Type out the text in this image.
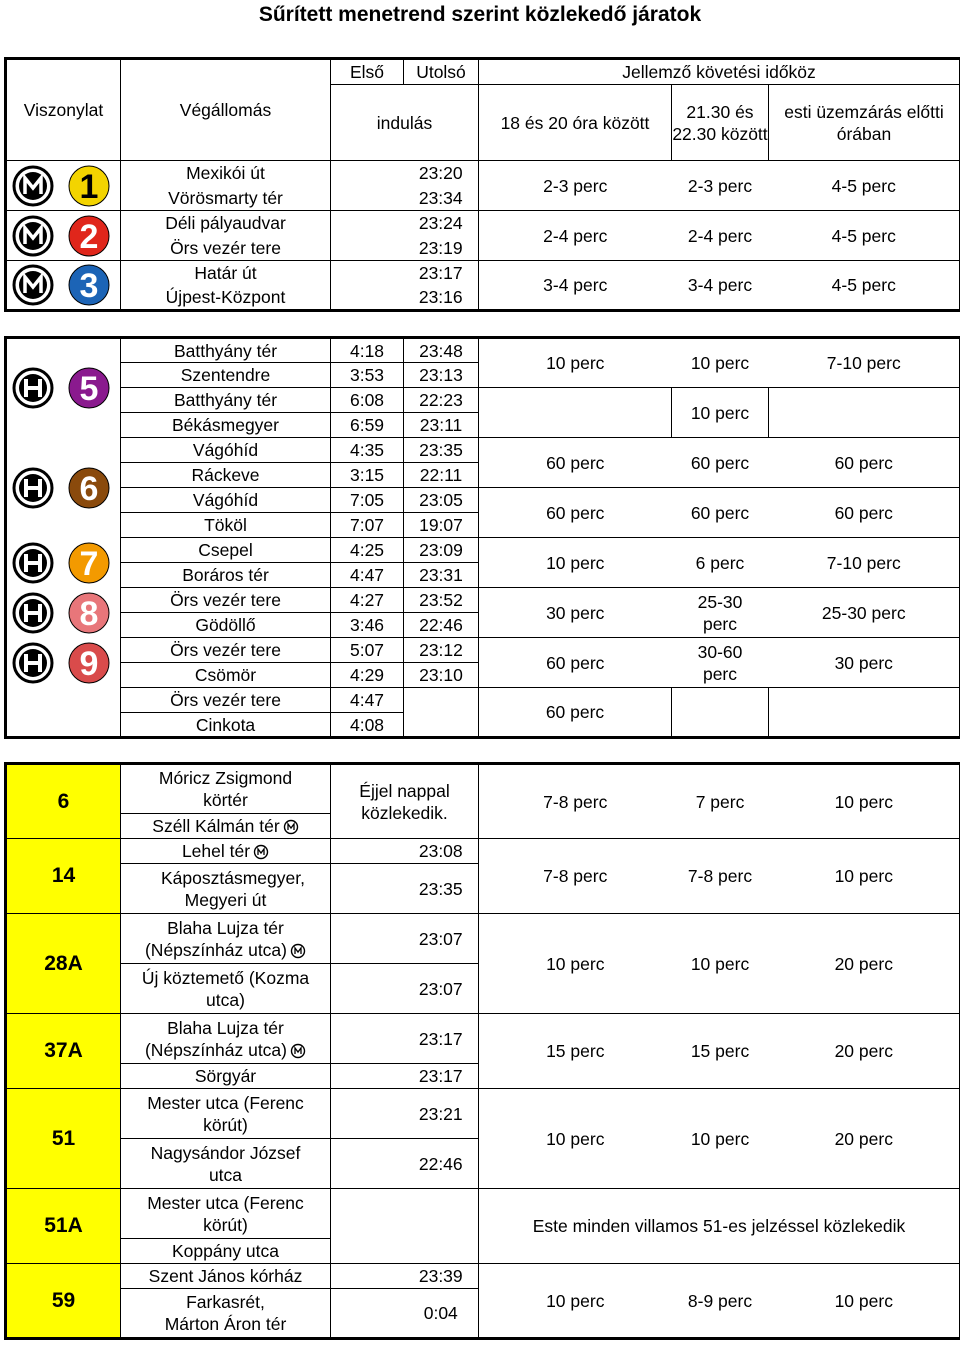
Sűrített menetrend szerint közlekedő járatok
Viszonylat	Végállomás	Első	Utolsó	Jellemző követési időköz		
		indulás		18 és 20 óra között	21.30 és 22.30 között	esti üzemzárás előtti órában

1	Mexikói út		23:20	2-3 perc	2-3 perc	4-5 perc
	Vörösmarty tér		23:34			

2	Déli pályaudvar		23:24	2-4 perc	2-4 perc	4-5 perc
	Örs vezér tere		23:19			

3	Határ út		23:17	3-4 perc	3-4 perc	4-5 perc
	Újpest-Központ		23:16			
5	Batthyány tér	4:18	23:48	10 perc	10 perc	7-10 perc
	Szentendre	3:53	23:13			
	Batthyány tér	6:08	22:23		10 perc	
	Békásmegyer	6:59	23:11			

6	Vágóhíd	4:35	23:35	60 perc	60 perc	60 perc
	Ráckeve	3:15	22:11			
	Vágóhíd	7:05	23:05	60 perc	60 perc	60 perc
	Tököl	7:07	19:07			

7	Csepel	4:25	23:09	10 perc	6 perc	7-10 perc
	Boráros tér	4:47	23:31			

8	Örs vezér tere	4:27	23:52	30 perc	25-30 perc	25-30 perc
	Gödöllő	3:46	22:46			

9	Örs vezér tere	5:07	23:12	60 perc	30-60 perc	30 perc
	Csömör	4:29	23:10			
	Örs vezér tere	4:47		60 perc		
	Cinkota	4:08				
6	Móricz Zsigmond körtér	Éjjel nappal közlekedik.		7-8 perc	7 perc	10 perc

	Széll Kálmán tér					
14	Lehel tér		23:08	7-8 perc	7-8 perc	10 perc
	Káposztásmegyer, Megyeri út		23:35			

28A	Blaha Lujza tér (Népszínház utca)		23:07	10 perc	10 perc	20 perc

	Új köztemető (Kozma utca)		23:07			

37A	Blaha Lujza tér (Népszínház utca)		23:17	15 perc	15 perc	20 perc

	Sörgyár		23:17			
51	Mester utca (Ferenc körút)		23:21	10 perc	10 perc	20 perc

	Nagysándor József utca		22:46			

51A	Mester utca (Ferenc körút)			Este minden villamos 51-es jelzéssel közlekedik		

	Koppány utca					
59	Szent János kórház		23:39	10 perc	8-9 perc	10 perc
	Farkasrét, Márton Áron tér		0:04			
